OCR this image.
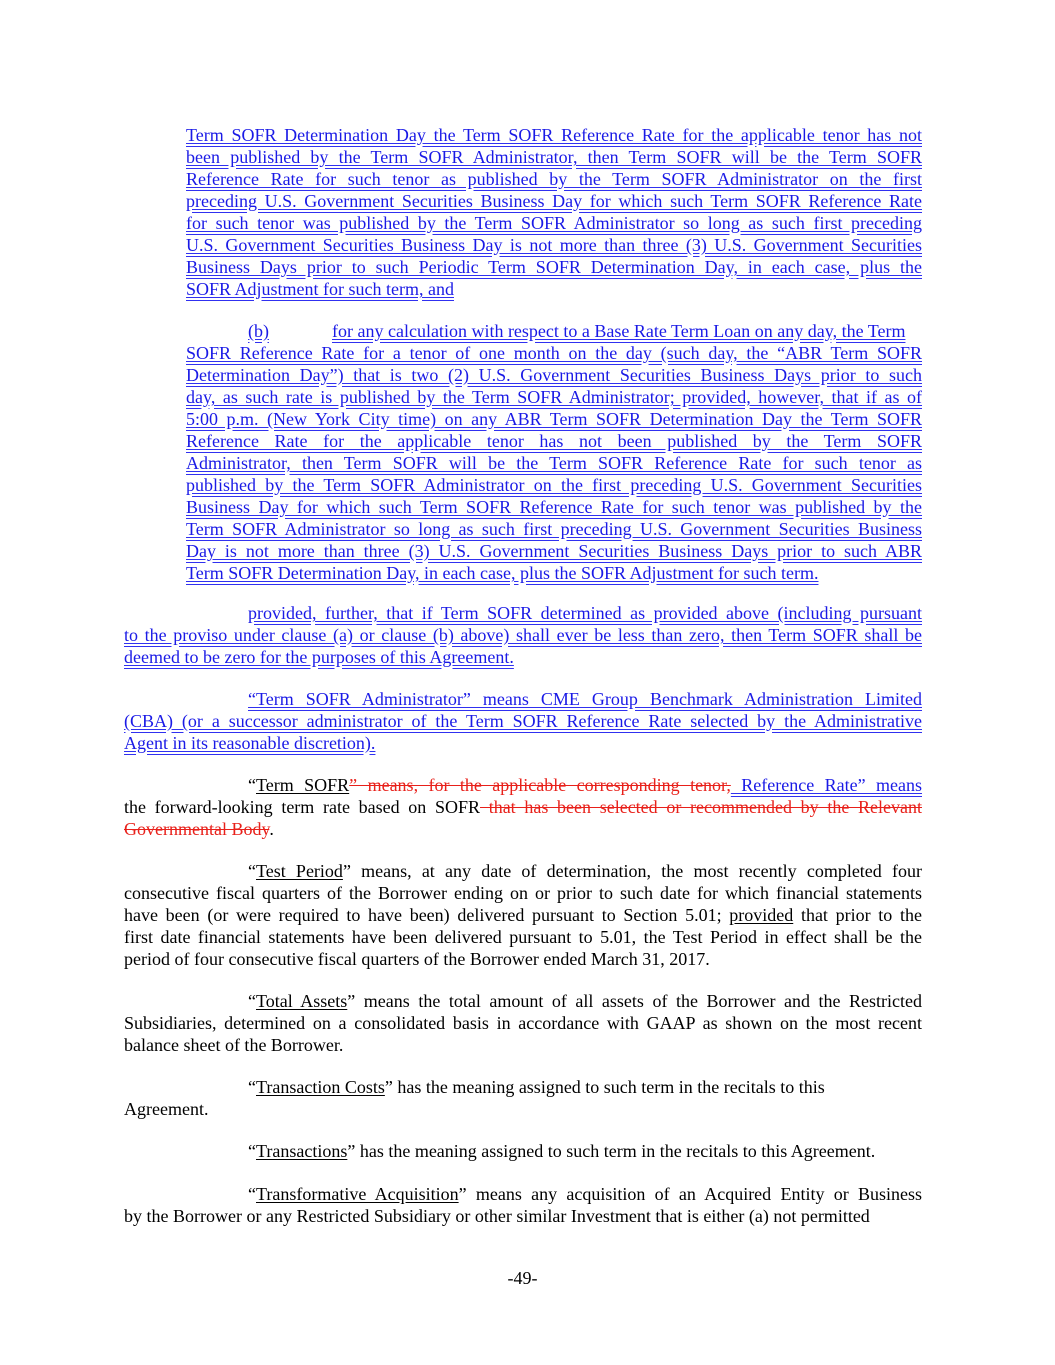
Term SOFR Determination Day the Term SOFR Reference Rate for the applicable tenor has not
been published by the Term SOFR Administrator, then Term SOFR will be the Term SOFR
Reference Rate for such tenor as published by the Term SOFR Administrator on the first
preceding U.S. Government Securities Business Day for which such Term SOFR Reference Rate
for such tenor was published by the Term SOFR Administrator so long as such first preceding
U.S. Government Securities Business Day is not more than three (3) U.S. Government Securities
Business Days prior to such Periodic Term SOFR Determination Day, in each case, plus the
SOFR Adjustment for such term, and
(b)	for any calculation with respect to a Base Rate Term Loan on any day, the Term
SOFR Reference Rate for a tenor of one month on the day (such day, the “ABR Term SOFR
Determination Day”) that is two (2) U.S. Government Securities Business Days prior to such
day, as such rate is published by the Term SOFR Administrator; provided, however, that if as of
5:00 p.m. (New York City time) on any ABR Term SOFR Determination Day the Term SOFR
Reference Rate for the applicable tenor has not been published by the Term SOFR
Administrator, then Term SOFR will be the Term SOFR Reference Rate for such tenor as
published by the Term SOFR Administrator on the first preceding U.S. Government Securities
Business Day for which such Term SOFR Reference Rate for such tenor was published by the
Term SOFR Administrator so long as such first preceding U.S. Government Securities Business
Day is not more than three (3) U.S. Government Securities Business Days prior to such ABR
Term SOFR Determination Day, in each case, plus the SOFR Adjustment for such term.
provided, further, that if Term SOFR determined as provided above (including pursuant
to the proviso under clause (a) or clause (b) above) shall ever be less than zero, then Term SOFR shall be
deemed to be zero for the purposes of this Agreement.
“Term SOFR Administrator” means CME Group Benchmark Administration Limited
(CBA) (or a successor administrator of the Term SOFR Reference Rate selected by the Administrative
Agent in its reasonable discretion).
“Term SOFR” means, for the applicable corresponding tenor, Reference Rate” means
the forward-looking term rate based on SOFR that has been selected or recommended by the Relevant
Governmental Body.
“Test Period” means, at any date of determination, the most recently completed four
consecutive fiscal quarters of the Borrower ending on or prior to such date for which financial statements
have been (or were required to have been) delivered pursuant to Section 5.01; provided that prior to the
first date financial statements have been delivered pursuant to 5.01, the Test Period in effect shall be the
period of four consecutive fiscal quarters of the Borrower ended March 31, 2017.
“Total Assets” means the total amount of all assets of the Borrower and the Restricted
Subsidiaries, determined on a consolidated basis in accordance with GAAP as shown on the most recent
balance sheet of the Borrower.
“Transaction Costs” has the meaning assigned to such term in the recitals to this
Agreement.
“Transactions” has the meaning assigned to such term in the recitals to this Agreement.
“Transformative Acquisition” means any acquisition of an Acquired Entity or Business
by the Borrower or any Restricted Subsidiary or other similar Investment that is either (a) not permitted
-49-
